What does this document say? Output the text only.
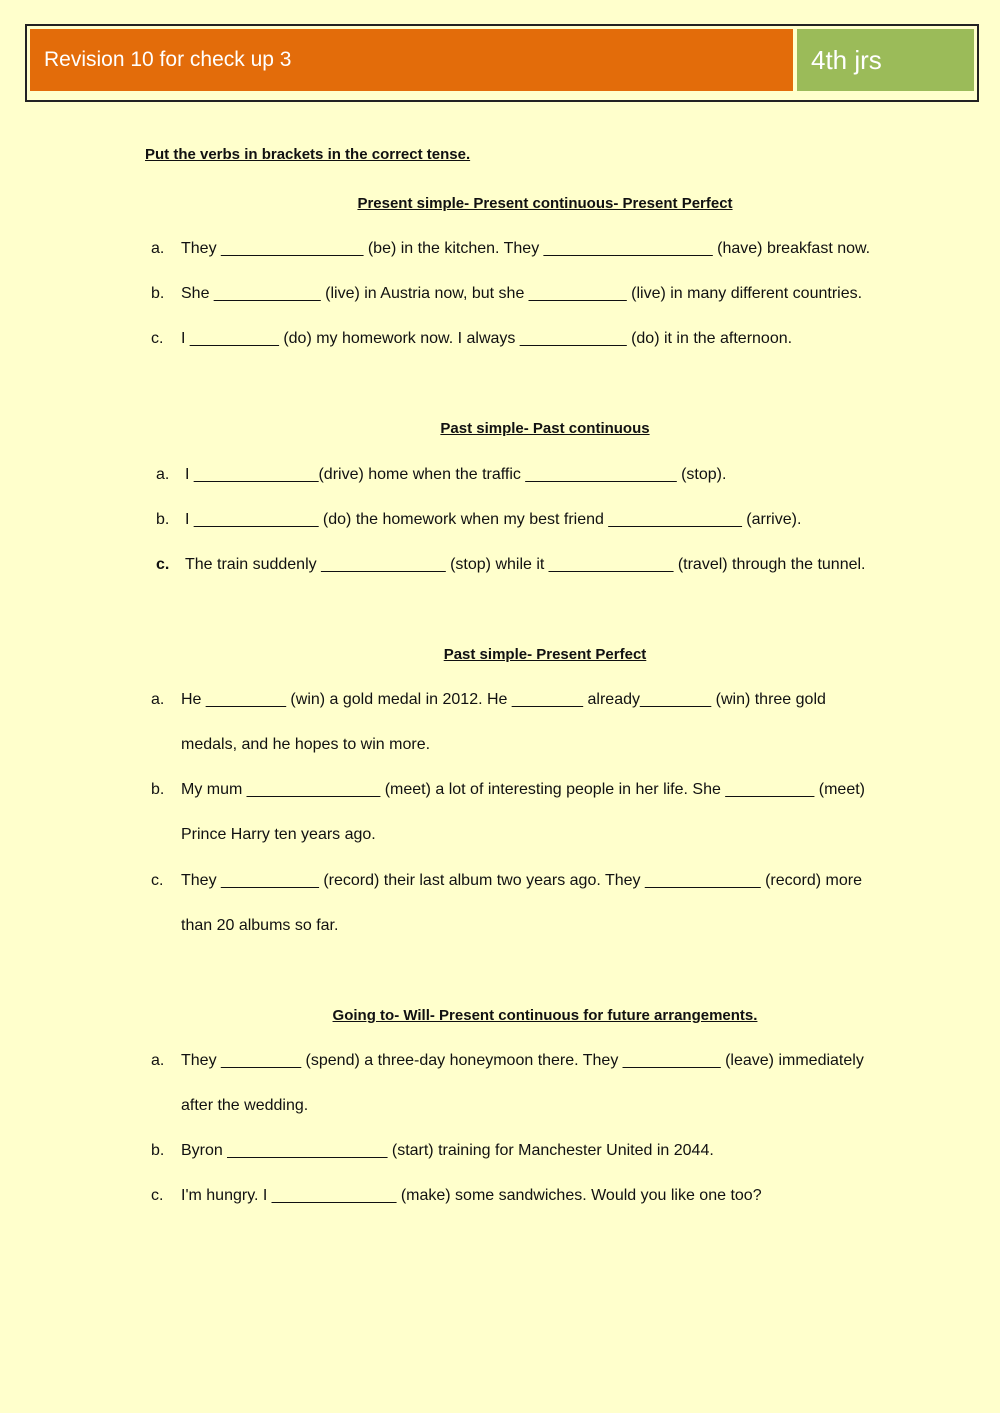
Revision 10 for check up 3	4th jrs
Put the verbs in brackets in the correct tense.
Present simple- Present continuous- Present Perfect
a. They ________________ (be) in the kitchen. They ___________________ (have) breakfast now.
b. She ____________ (live) in Austria now, but she ___________ (live) in many different countries.
c. I __________ (do) my homework now. I always ____________ (do) it in the afternoon.
Past simple- Past continuous
a. I ______________(drive) home when the traffic _________________ (stop).
b. I ______________ (do) the homework when my best friend _______________ (arrive).
c. The train suddenly ______________ (stop) while it ______________ (travel) through the tunnel.
Past simple- Present Perfect
a. He _________ (win) a gold medal in 2012. He ________ already________ (win) three gold
medals, and he hopes to win more.
b. My mum _______________ (meet) a lot of interesting people in her life. She __________ (meet)
Prince Harry ten years ago.
c. They ___________ (record) their last album two years ago. They _____________ (record) more
than 20 albums so far.
Going to- Will- Present continuous for future arrangements.
a. They _________ (spend) a three-day honeymoon there. They ___________ (leave) immediately
after the wedding.
b. Byron __________________ (start) training for Manchester United in 2044.
c. I'm hungry. I ______________ (make) some sandwiches. Would you like one too?
